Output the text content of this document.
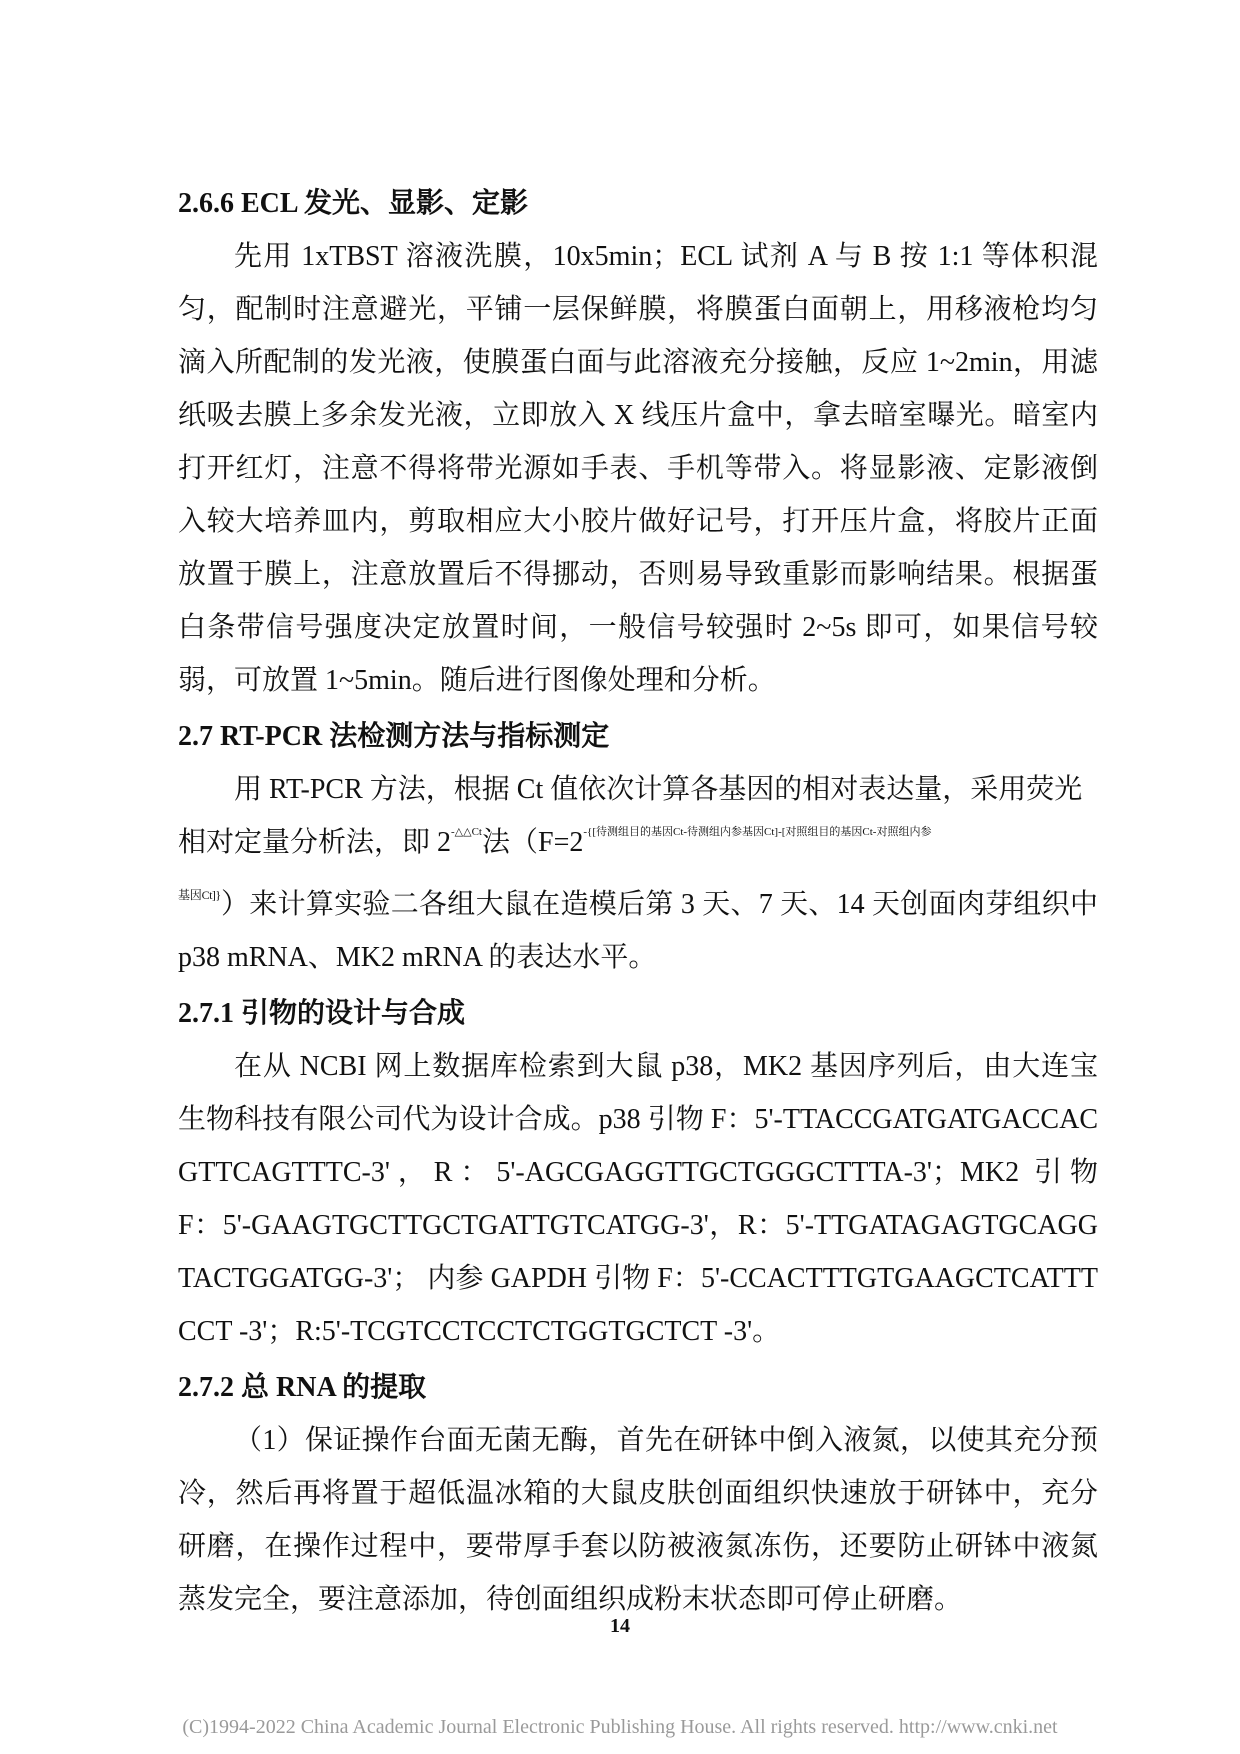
2.6.6 ECL 发光、显影、定影

先用 1xTBST 溶液洗膜，10x5min；ECL 试剂 A 与 B 按 1:1 等体积混匀，配制时注意避光，平铺一层保鲜膜，将膜蛋白面朝上，用移液枪均匀滴入所配制的发光液，使膜蛋白面与此溶液充分接触，反应 1~2min，用滤纸吸去膜上多余发光液，立即放入 X 线压片盒中，拿去暗室曝光。暗室内打开红灯，注意不得将带光源如手表、手机等带入。将显影液、定影液倒入较大培养皿内，剪取相应大小胶片做好记号，打开压片盒，将胶片正面放置于膜上，注意放置后不得挪动，否则易导致重影而影响结果。根据蛋白条带信号强度决定放置时间，一般信号较强时 2~5s 即可，如果信号较弱，可放置 1~5min。随后进行图像处理和分析。

2.7 RT-PCR 法检测方法与指标测定

用 RT-PCR 方法，根据 Ct 值依次计算各基因的相对表达量，采用荧光

相对定量分析法，即 $2^{-\triangle\triangle Ct}$法（$F=2^{-\{[待测组目的基因Ct-待测组内参基因Ct]-[对照组目的基因Ct-对照组内参}$

$^{基因Ct]\}}$）来计算实验二各组大鼠在造模后第 3 天、7 天、14 天创面肉芽组织中 p38 mRNA、MK2 mRNA 的表达水平。

2.7.1 引物的设计与合成

在从 NCBI 网上数据库检索到大鼠 p38，MK2 基因序列后，由大连宝生物科技有限公司代为设计合成。p38 引物 F：5'-TTACCGATGATGACCACGTTCAGTTTC-3'，R：5'-AGCGAGGTTGCTGGGCTTTA-3'；MK2 引物 F：5'-GAAGTGCTTGCTGATTGTCATGG-3'，R：5'-TTGATAGAGTGCAGGTACTGGATGG-3'； 内参 GAPDH 引物 F：5'-CCACTTTGTGAAGCTCATTTCCT -3'；R:5'-TCGTCCTCCTCTGGTGCTCT -3'。

2.7.2 总 RNA 的提取

（1）保证操作台面无菌无酶，首先在研钵中倒入液氮，以使其充分预冷，然后再将置于超低温冰箱的大鼠皮肤创面组织快速放于研钵中，充分研磨，在操作过程中，要带厚手套以防被液氮冻伤，还要防止研钵中液氮蒸发完全，要注意添加，待创面组织成粉末状态即可停止研磨。

14
(C)1994-2022 China Academic Journal Electronic Publishing House. All rights reserved. http://www.cnki.net
